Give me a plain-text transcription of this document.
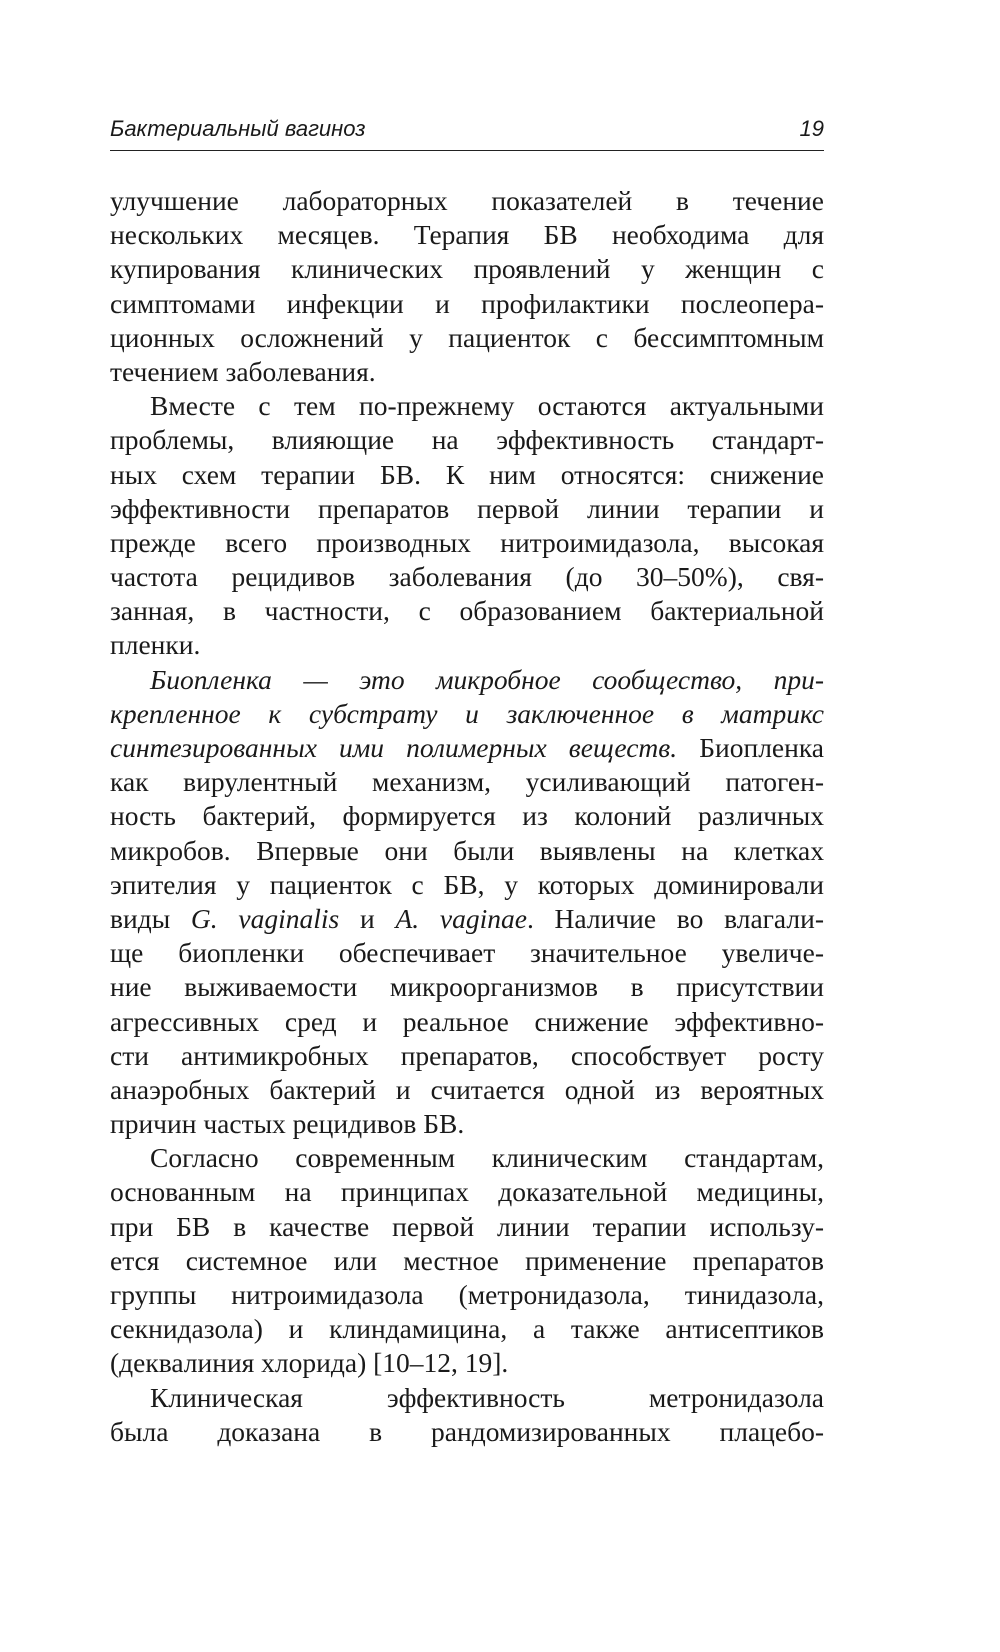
Бактериальный вагиноз	19
улучшение лабораторных показателей в течение
нескольких месяцев. Терапия БВ необходима для
купирования клинических проявлений у женщин с
симптомами инфекции и профилактики послеопера-
ционных осложнений у пациенток с бессимптомным
течением заболевания.
Вместе с тем по-прежнему остаются актуальными
проблемы, влияющие на эффективность стандарт-
ных схем терапии БВ. К ним относятся: снижение
эффективности препаратов первой линии терапии и
прежде всего производных нитроимидазола, высокая
частота рецидивов заболевания (до 30–50%), свя-
занная, в частности, с образованием бактериальной
пленки.
Биопленка — это микробное сообщество, при-
крепленное к субстрату и заключенное в матрикс
синтезированных ими полимерных веществ. Биопленка
как вирулентный механизм, усиливающий патоген-
ность бактерий, формируется из колоний различных
микробов. Впервые они были выявлены на клетках
эпителия у пациенток с БВ, у которых доминировали
виды G. vaginalis и A. vaginae. Наличие во влагали-
ще биопленки обеспечивает значительное увеличе-
ние выживаемости микроорганизмов в присутствии
агрессивных сред и реальное снижение эффективно-
сти антимикробных препаратов, способствует росту
анаэробных бактерий и считается одной из вероятных
причин частых рецидивов БВ.
Согласно современным клиническим стандартам,
основанным на принципах доказательной медицины,
при БВ в качестве первой линии терапии использу-
ется системное или местное применение препаратов
группы нитроимидазола (метронидазола, тинидазола,
секнидазола) и клиндамицина, а также антисептиков
(деквалиния хлорида) [10–12, 19].
Клиническая эффективность метронидазола
была доказана в рандомизированных плацебо-
